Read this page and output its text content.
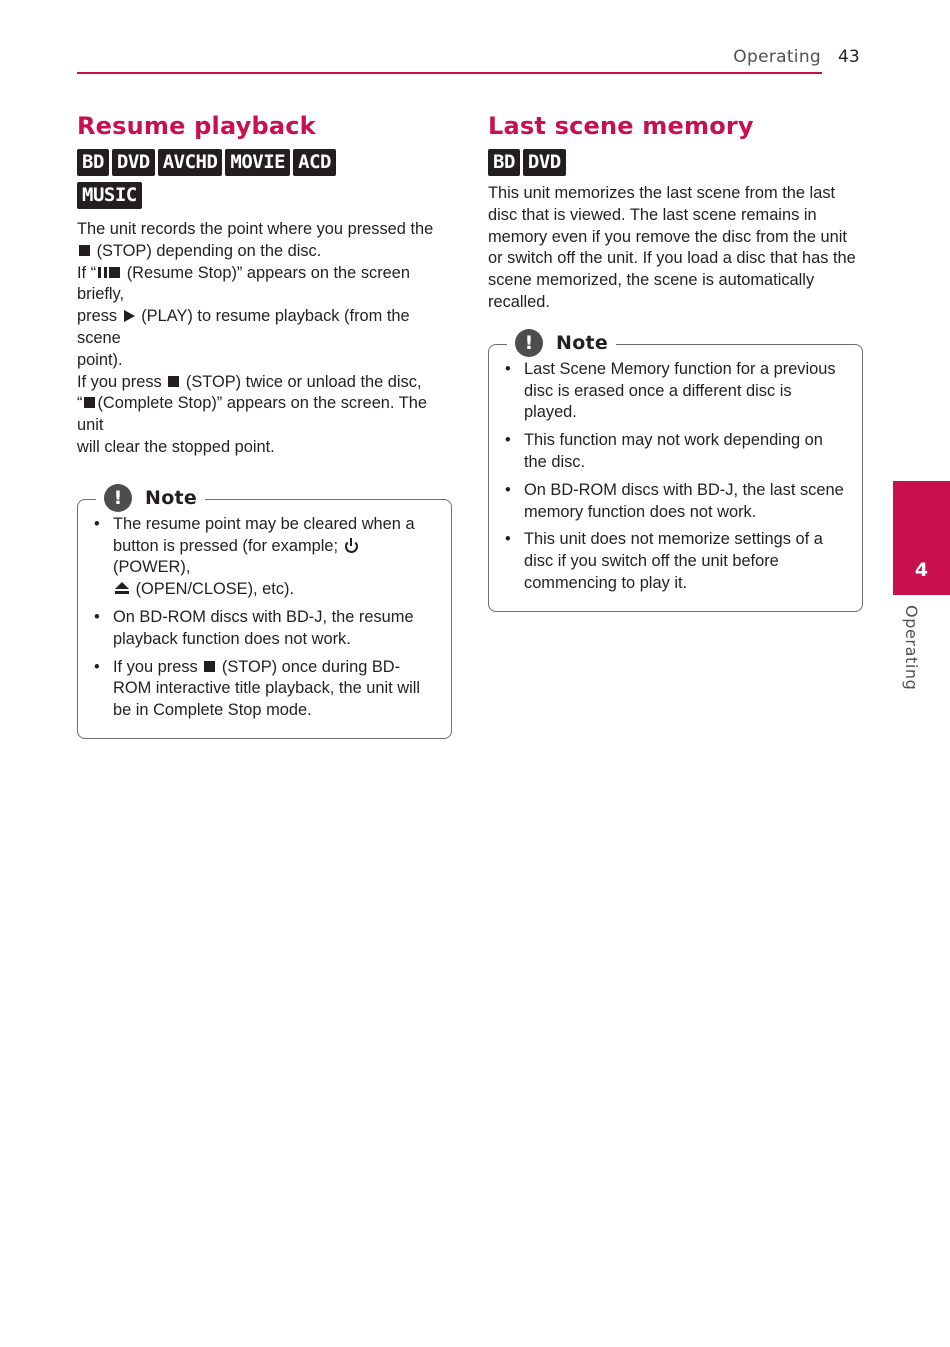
Operating 43
Resume playback
BD DVD AVCHD MOVIE ACD
MUSIC

The unit records the point where you pressed the
(STOP) depending on the disc.

If “ (Resume Stop)” appears on the screen briefly,
press (PLAY) to resume playback (from the scene
point).

If you press (STOP) twice or unload the disc,
“ (Complete Stop)” appears on the screen. The unit
will clear the stopped point.

!	Note
• The resume point may be cleared when a
button is pressed (for example;  (POWER),
(OPEN/CLOSE), etc).
• On BD-ROM discs with BD-J, the resume playback function does not work.
• If you press (STOP) once during BD-ROM interactive title playback, the unit will be in Complete Stop mode.
Last scene memory
BD DVD

This unit memorizes the last scene from the last disc that is viewed. The last scene remains in memory even if you remove the disc from the unit or switch off the unit. If you load a disc that has the scene memorized, the scene is automatically recalled.

!	Note
• Last Scene Memory function for a previous disc is erased once a different disc is played.
• This function may not work depending on the disc.
• On BD-ROM discs with BD-J, the last scene memory function does not work.
• This unit does not memorize settings of a disc if you switch off the unit before commencing to play it.
4
Operating
